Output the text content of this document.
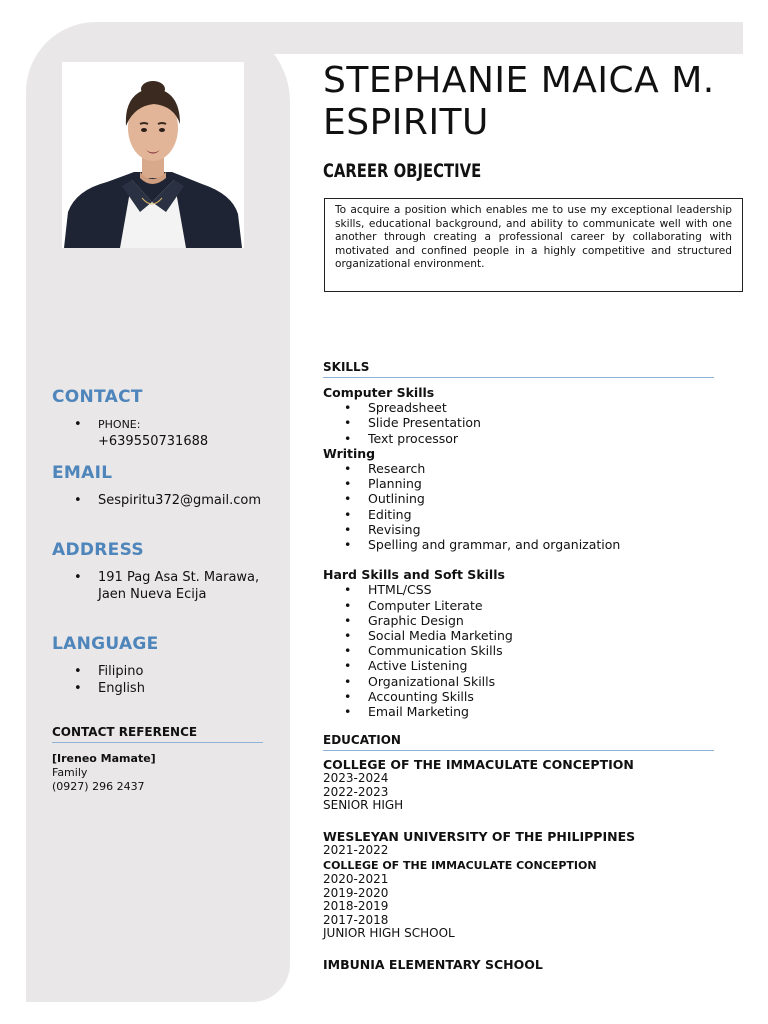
STEPHANIE MAICA M. ESPIRITU
CAREER OBJECTIVE
To acquire a position which enables me to use my exceptional leadership skills, educational background, and ability to communicate well with one another through creating a professional career by collaborating with motivated and confined people in a highly competitive and structured organizational environment.
CONTACT
• PHONE:
+639550731688
EMAIL
• Sespiritu372@gmail.com
ADDRESS
• 191 Pag Asa St. Marawa, Jaen Nueva Ecija
LANGUAGE
• Filipino
• English
CONTACT REFERENCE
[Ireneo Mamate]
Family
(0927) 296 2437
SKILLS
Computer Skills
• Spreadsheet
• Slide Presentation
• Text processor
Writing
• Research
• Planning
• Outlining
• Editing
• Revising
• Spelling and grammar, and organization
Hard Skills and Soft Skills
• HTML/CSS
• Computer Literate
• Graphic Design
• Social Media Marketing
• Communication Skills
• Active Listening
• Organizational Skills
• Accounting Skills
• Email Marketing
EDUCATION
COLLEGE OF THE IMMACULATE CONCEPTION
2023-2024
2022-2023
SENIOR HIGH
WESLEYAN UNIVERSITY OF THE PHILIPPINES
2021-2022
COLLEGE OF THE IMMACULATE CONCEPTION
2020-2021
2019-2020
2018-2019
2017-2018
JUNIOR HIGH SCHOOL
IMBUNIA ELEMENTARY SCHOOL
